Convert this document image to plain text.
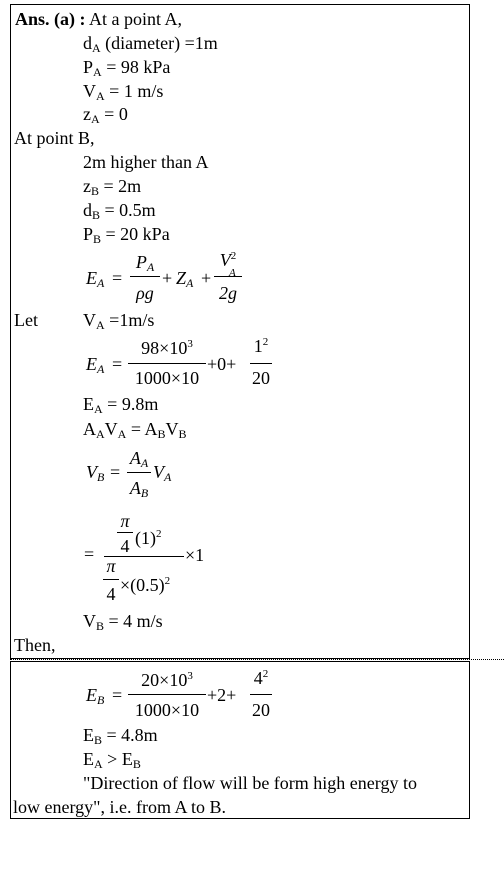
Ans. (a) : At a point A,
$d_A$ (diameter) =1m
$P_A = 98$ kPa
$V_A = 1$ m/s
$z_A = 0$
At point B,
2m higher than A
$z_B = 2m$
$d_B = 0.5m$
$P_B = 20$ kPa
$E_A$ =
$P_A$
ρg
+ $Z_A$ +
$V^2$
A
2g
Let	$V_A =1m/s$
$E_A$ =
$98\times 10^3$
1000×10
+0+
$1^2$
20
$E_A = 9.8m$
$A_AV_A = A_BV_B$
$V_B$ =
$A_A$
$A_B$
$V_A$
=
π
4 $(1)^2$
×1
π
$4 \times(0.5)^2$
$V_B = 4$ m/s
Then,
$E_B$ =
$20\times 10^3$
1000×10
+2+
$4^2$
20
$E_B = 4.8m$
$E_A > E_B$
"Direction of flow will be form high energy to
low energy", i.e. from A to B.
